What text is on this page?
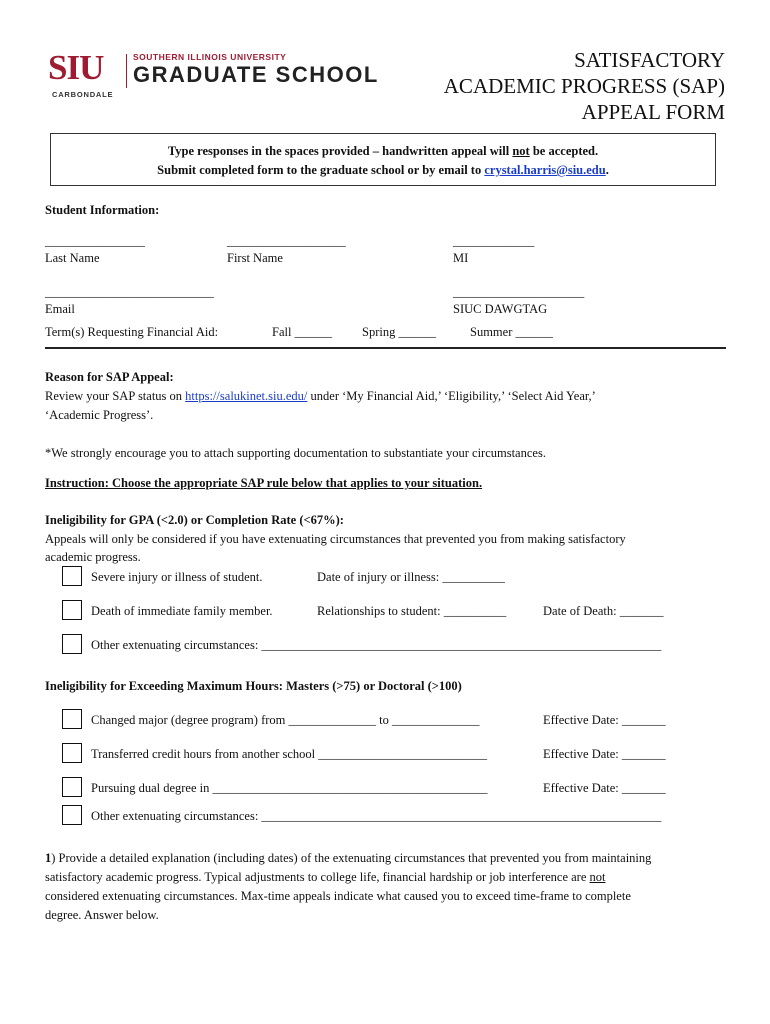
SIU	SOUTHERN ILLINOIS UNIVERSITY
GRADUATE SCHOOL
CARBONDALE
SATISFACTORY
ACADEMIC PROGRESS (SAP)
APPEAL FORM
Type responses in the spaces provided – handwritten appeal will not be accepted.
Submit completed form to the graduate school or by email to crystal.harris@siu.edu.
Student Information:
________________
Last Name
___________________
First Name
_____________
MI
___________________________
Email
_____________________
SIUC DAWGTAG
Term(s) Requesting Financial Aid:	Fall ______ Spring ______	Summer ______
Reason for SAP Appeal:
Review your SAP status on https://salukinet.siu.edu/ under ‘My Financial Aid,’ ‘Eligibility,’ ‘Select Aid Year,’
‘Academic Progress’.
*We strongly encourage you to attach supporting documentation to substantiate your circumstances.
Instruction: Choose the appropriate SAP rule below that applies to your situation.
Ineligibility for GPA (<2.0) or Completion Rate (<67%):
Appeals will only be considered if you have extenuating circumstances that prevented you from making satisfactory
academic progress.
Severe injury or illness of student.	Date of injury or illness: __________
Death of immediate family member.	Relationships to student: __________	Date of Death: _______
Other extenuating circumstances: ________________________________________________________________
Ineligibility for Exceeding Maximum Hours: Masters (>75) or Doctoral (>100)
Changed major (degree program) from ______________ to ______________	Effective Date: _______
Transferred credit hours from another school ___________________________	Effective Date: _______
Pursuing dual degree in ____________________________________________	Effective Date: _______
Other extenuating circumstances: ________________________________________________________________
1) Provide a detailed explanation (including dates) of the extenuating circumstances that prevented you from maintaining
satisfactory academic progress. Typical adjustments to college life, financial hardship or job interference are not
considered extenuating circumstances. Max-time appeals indicate what caused you to exceed time-frame to complete
degree. Answer below.
